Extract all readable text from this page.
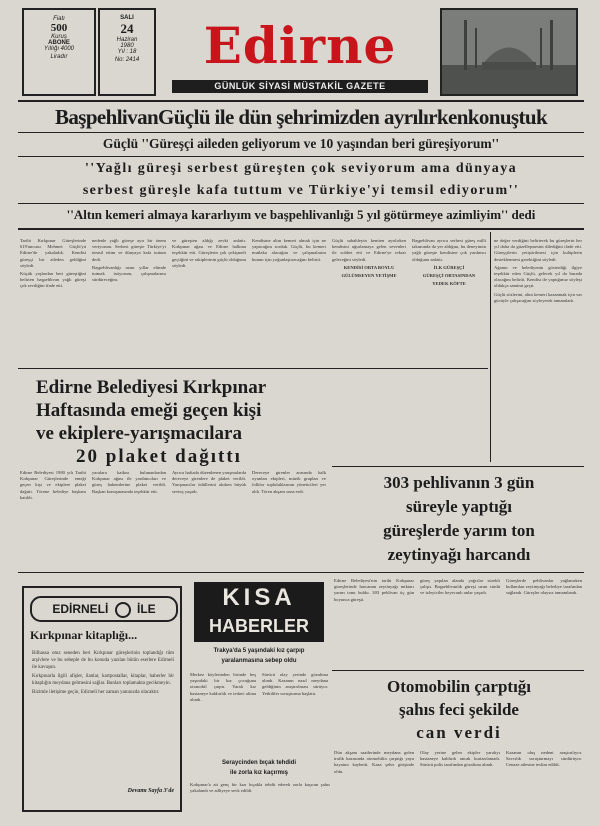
Fiatı
500
Kuruş
ABONE
Yıllığı 4000
Liradır
SALI
24
Haziran
1980
Yıl : 18
No: 2414	Edirne
GÜNLÜK SİYASİ MÜSTAKİL GAZETE
BaşpehlivanGüçlü ile dün şehrimizden ayrılırkenkonuştuk
Güçlü ''Güreşçi aileden geliyorum ve 10 yaşından beri güreşiyorum''
''Yağlı güreşi serbest güreşten çok seviyorum ama dünyaya
serbest güreşle kafa tuttum ve Türkiye'yi temsil ediyorum''
''Altın kemeri almaya kararlıyım ve başpehlivanlığı 5 yıl götürmeye azimliyim'' dedi

Tarihi Kırkpınar Güreşlerinde 619'uncusu Mehmet Güçlü'yü Edirne'de yakaladık. Kendisi güreşçi bir aileden geldiğini söyledi.

Küçük yaşlardan beri güreştiğini belirten başpehlivan yağlı güreşi çok sevdiğini ifade etti.

nedenle yağlı güreşe ayrı bir önem veriyorum. Serbest güreşte Türkiye'yi temsil ettim ve dünyaya kafa tuttum dedi.

Başpehlivanlığı uzun yıllar elimde tutmak istiyorum, çalışmalarımı sürdüreceğim.

ve güreşten aldığı zevki anlattı. Kırkpınar ağası ve Edirne halkına teşekkür etti. Güreşlerin çok çekişmeli geçtiğini ve rakiplerinin güçlü olduğunu söyledi.

Kendisine altın kemeri almak için ne yapacağını sorduk. Güçlü, bu kemeri mutlaka alacağını ve çalışmalarını bunun için yoğunlaştıracağını belirtti.

Güçlü sabahleyin kentten ayrılırken kendisini uğurlamaya gelen sevenleri ile sohbet etti ve Edirne'ye tekrar geleceğini söyledi.

KENDİSİ ORTA BOYLU

GÜLÜMSEYEN YETİŞME

Başpehlivan ayrıca serbest güreş milli takımında da yer aldığını, bu deneyimin yağlı güreşte kendisine çok yardımcı olduğunu anlattı.

İLK GÜREŞÇİ

GÜREŞÇİ ORTASINDAN

YEDEK KÖFTE

ne değer verdiğini belirterek bu güreşlerin her yıl daha da güzelleşmesini dilediğini ifade etti. Güreşçilerin yetiştirilmesi için kulüplerin desteklenmesi gerektiğini söyledi.

Ağanın ve belediyenin gösterdiği ilgiye teşekkür eden Güçlü, gelecek yıl da burada olacağını belirtti. Kendisi ile yaptığımız söyleşi oldukça samimi geçti.

Güçlü sözlerini, altın kemeri kazanmak için var gücüyle çalışacağını söyleyerek tamamladı.

Edirne Belediyesi Kırkpınar
Haftasında emeği geçen kişi
ve ekiplere-yarışmacılara
20 plaket dağıttı

Edirne Belediyesi 1980 yılı Tarihi Kırkpınar Güreşlerinde emeği geçen kişi ve ekiplere plaket dağıttı. Törene belediye başkanı katıldı.

yaralara katkısı bulunanlardan Kırkpınar ağası ile yardımcıları ve güreş hakemlerine plaket verildi. Başkan konuşmasında teşekkür etti.

Ayrıca haftada düzenlenen yarışmalarda dereceye girenlere de plaket verildi. Yarışmacılar ödüllerini alırken büyük sevinç yaşadı.

Dereceye girenler arasında halk oyunları ekipleri, müzik grupları ve folklor topluluklarının yöneticileri yer aldı. Tören akşam sona erdi.	303 pehlivanın 3 gün
süreyle yaptığı
güreşlerde yarım ton
zeytinyağı harcandı
EDİRNELİ İLE
Kırkpınar kitaplığı...

Bilhassa otuz seneden beri Kırkpınar güreşlerinin toplandığı tüm arşivlere ve bu sebeple de bu konuda yazılan bütün eserlere Edirneli ile kavuşun.

Kırkpınarla ilgili afişler, ilanlar, kartpostallar, kitaplar, haberler bir kitaplığın meydana gelmesini sağlar. Bunları toplamakta gecikmeyin.

Bizimle iletişime geçin, Edirneli her zaman yanınızda olacaktır.

Devamı Sayfa 3'de
KISA
HABERLER
Trakya'da 5 yaşındaki kız çarpıp
yaralanmasına sebep oldu

Merkez köylerinden birinde beş yaşındaki bir kız çocuğuna otomobil çarptı. Yaralı kız hastaneye kaldırıldı ve tedavi altına alındı.

Sürücü olay yerinde gözaltına alındı. Kazanın nasıl meydana geldiğinin araştırılması sürüyor. Yetkililer soruşturma başlattı.

Seraycinden bıçak tehdidi
ile zorla kız kaçırmış

Kırkpınar'a ait genç bir kızı bıçakla tehdit ederek zorla kaçıran şahıs yakalandı ve adliyeye sevk edildi.

Edirne Belediyesi'nin tarihi Kırkpınar güreşlerinde harcanan zeytinyağı miktarı yarım tonu buldu. 303 pehlivan üç gün boyunca güreşti.

güreş yapılan alanda yağcılar sürekli çalıştı. Başpehlivanlık güreşi uzun sürdü ve izleyiciler heyecanlı anlar yaşadı.

Güreşlerde pehlivanlar yağlanırken kullanılan zeytinyağı belediye tarafından sağlandı. Güreşler olaysız tamamlandı.

Otomobilin çarptığı
şahıs feci şekilde
can verdi

Dün akşam saatlerinde meydana gelen trafik kazasında otomobilin çarptığı yaya hayatını kaybetti. Kaza şehir girişinde oldu.

Olay yerine gelen ekipler yaralıyı hastaneye kaldırdı ancak kurtarılamadı. Sürücü polis tarafından gözaltına alındı.

Kazanın oluş nedeni araştırılıyor. Savcılık soruşturmayı sürdürüyor. Cenaze ailesine teslim edildi.
